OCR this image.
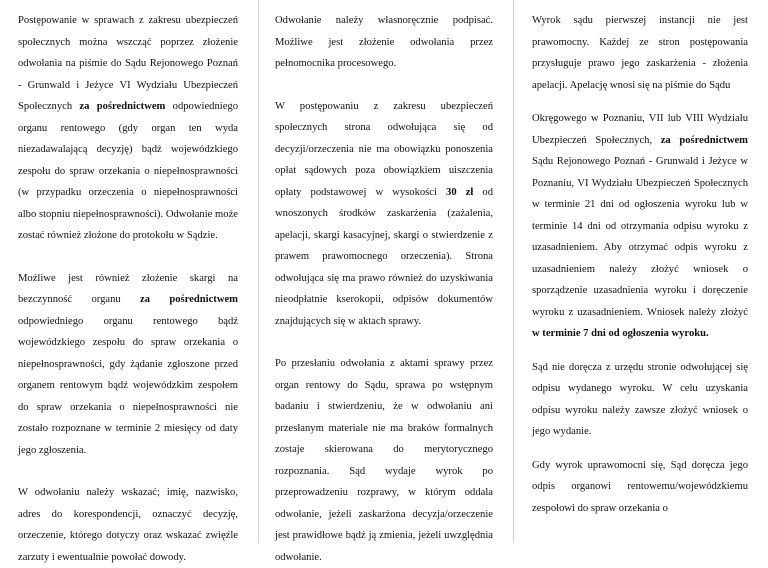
Postępowanie w sprawach z zakresu ubezpieczeń społecznych można wszcząć poprzez złożenie odwołania na piśmie do Sądu Rejonowego Poznań - Grunwald i Jeżyce VI Wydziału Ubezpieczeń Społecznych za pośrednictwem odpowiedniego organu rentowego (gdy organ ten wyda niezadawalającą decyzję) bądź wojewódzkiego zespołu do spraw orzekania o niepełnosprawności (w przypadku orzeczenia o niepełnosprawności albo stopniu niepełnosprawności). Odwołanie może zostać również złożone do protokołu w Sądzie.

Możliwe jest również złożenie skargi na bezczynność organu za pośrednictwem odpowiedniego organu rentowego bądź wojewódzkiego zespołu do spraw orzekania o niepełnosprawności, gdy żądanie zgłoszone przed organem rentowym bądź wojewódzkim zespołem do spraw orzekania o niepełnosprawności nie zostało rozpoznane w terminie 2 miesięcy od daty jego zgłoszenia.

W odwołaniu należy wskazać; imię, nazwisko, adres do korespondencji, oznaczyć decyzję, orzeczenie, którego dotyczy oraz wskazać zwięźle zarzuty i ewentualnie powołać dowody.

Odwołanie należy własnoręcznie podpisać. Możliwe jest złożenie odwołania przez pełnomocnika procesowego.

W postępowaniu z zakresu ubezpieczeń społecznych strona odwołująca się od decyzji/orzeczenia nie ma obowiązku ponoszenia opłat sądowych poza obowiązkiem uiszczenia opłaty podstawowej w wysokości 30 zł od wnoszonych środków zaskarżenia (zażalenia, apelacji, skargi kasacyjnej, skargi o stwierdzenie z prawem prawomocnego orzeczenia). Strona odwołująca się ma prawo również do uzyskiwania nieodpłatnie kserokopii, odpisów dokumentów znajdujących się w aktach sprawy.

Po przesłaniu odwołania z aktami sprawy przez organ rentowy do Sądu, sprawa po wstępnym badaniu i stwierdzeniu, że w odwołaniu ani przesłanym materiale nie ma braków formalnych zostaje skierowana do merytorycznego rozpoznania. Sąd wydaje wyrok po przeprowadzeniu rozprawy, w którym oddala odwołanie, jeżeli zaskarżona decyzja/orzeczenie jest prawidłowe bądź ją zmienia, jeżeli uwzględnia odwołanie.

Wyrok sądu pierwszej instancji nie jest prawomocny. Każdej ze stron postępowania przysługuje prawo jego zaskarżenia - złożenia apelacji. Apelację wnosi się na piśmie do Sądu

Okręgowego w Poznaniu, VII lub VIII Wydziału Ubezpieczeń Społecznych, za pośrednictwem Sądu Rejonowego Poznań - Grunwald i Jeżyce w Poznaniu, VI Wydziału Ubezpieczeń Społecznych w terminie 21 dni od ogłoszenia wyroku lub w terminie 14 dni od otrzymania odpisu wyroku z uzasadnieniem. Aby otrzymać odpis wyroku z uzasadnieniem należy złożyć wniosek o sporządzenie uzasadnienia wyroku i doręczenie wyroku z uzasadnieniem. Wniosek należy złożyć w terminie 7 dni od ogłoszenia wyroku.

Sąd nie doręcza z urzędu stronie odwołującej się odpisu wydanego wyroku. W celu uzyskania odpisu wyroku należy zawsze złożyć wniosek o jego wydanie.

Gdy wyrok uprawomocni się, Sąd doręcza jego odpis organowi rentowemu/wojewódzkiemu zespołowi do spraw orzekania o
